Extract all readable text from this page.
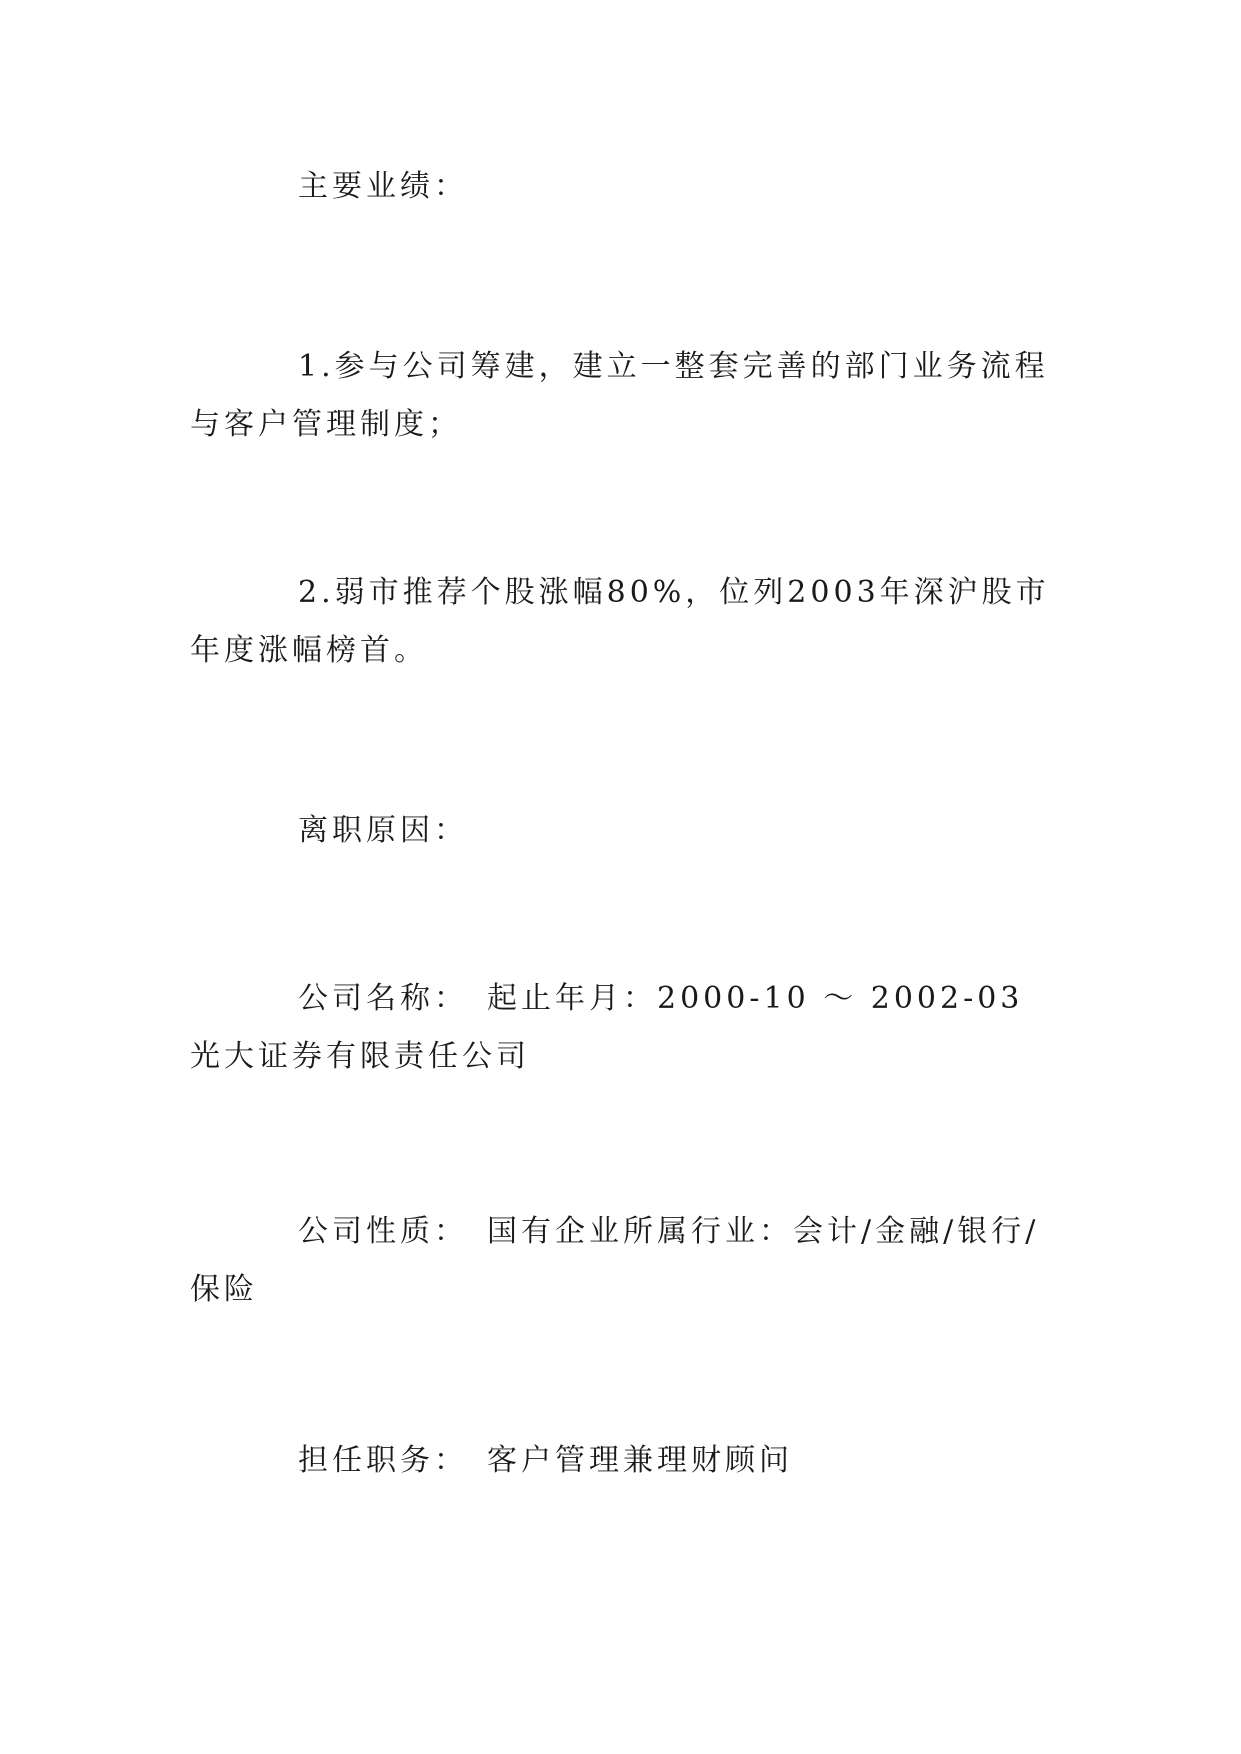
主要业绩：

1.参与公司筹建，建立一整套完善的部门业务流程与客户管理制度；

2.弱市推荐个股涨幅80%，位列2003年深沪股市年度涨幅榜首。

离职原因：

公司名称：　起止年月：2000-10 ～ 2002-03光大证券有限责任公司

公司性质：　国有企业所属行业：会计/金融/银行/保险

担任职务：　客户管理兼理财顾问
